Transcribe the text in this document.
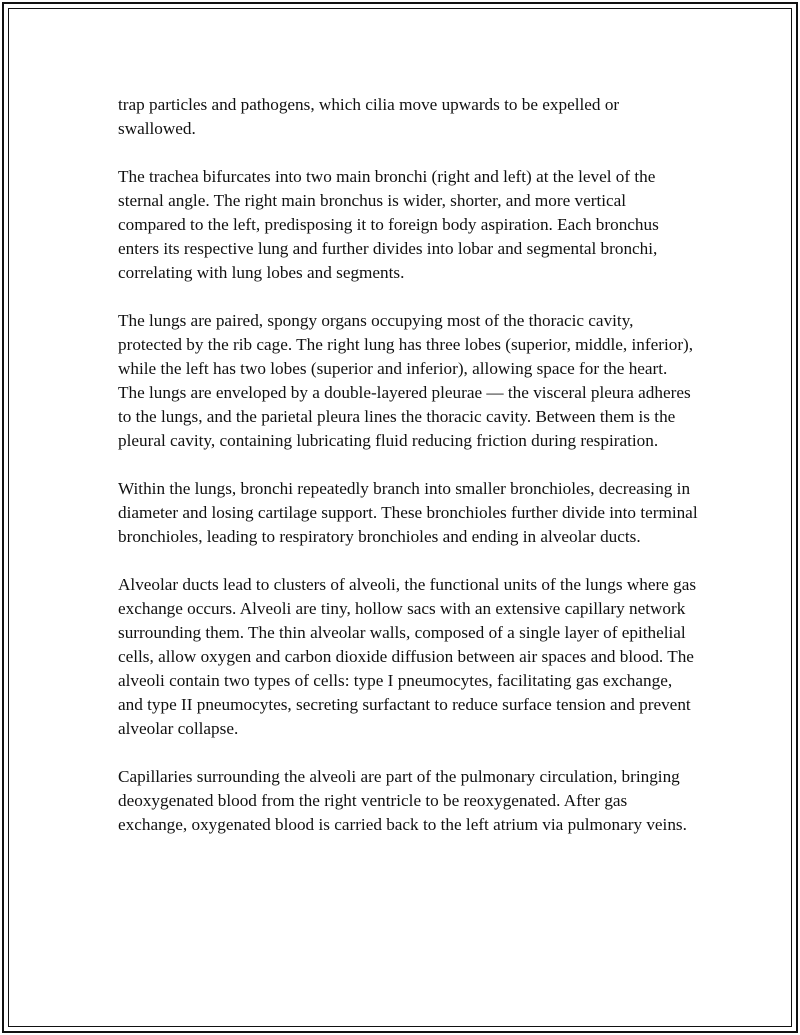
trap particles and pathogens, which cilia move upwards to be expelled or swallowed.

The trachea bifurcates into two main bronchi (right and left) at the level of the sternal angle. The right main bronchus is wider, shorter, and more vertical compared to the left, predisposing it to foreign body aspiration. Each bronchus enters its respective lung and further divides into lobar and segmental bronchi, correlating with lung lobes and segments.

The lungs are paired, spongy organs occupying most of the thoracic cavity, protected by the rib cage. The right lung has three lobes (superior, middle, inferior), while the left has two lobes (superior and inferior), allowing space for the heart. The lungs are enveloped by a double-layered pleurae — the visceral pleura adheres to the lungs, and the parietal pleura lines the thoracic cavity. Between them is the pleural cavity, containing lubricating fluid reducing friction during respiration.

Within the lungs, bronchi repeatedly branch into smaller bronchioles, decreasing in diameter and losing cartilage support. These bronchioles further divide into terminal bronchioles, leading to respiratory bronchioles and ending in alveolar ducts.

Alveolar ducts lead to clusters of alveoli, the functional units of the lungs where gas exchange occurs. Alveoli are tiny, hollow sacs with an extensive capillary network surrounding them. The thin alveolar walls, composed of a single layer of epithelial cells, allow oxygen and carbon dioxide diffusion between air spaces and blood. The alveoli contain two types of cells: type I pneumocytes, facilitating gas exchange, and type II pneumocytes, secreting surfactant to reduce surface tension and prevent alveolar collapse.

Capillaries surrounding the alveoli are part of the pulmonary circulation, bringing deoxygenated blood from the right ventricle to be reoxygenated. After gas exchange, oxygenated blood is carried back to the left atrium via pulmonary veins.
